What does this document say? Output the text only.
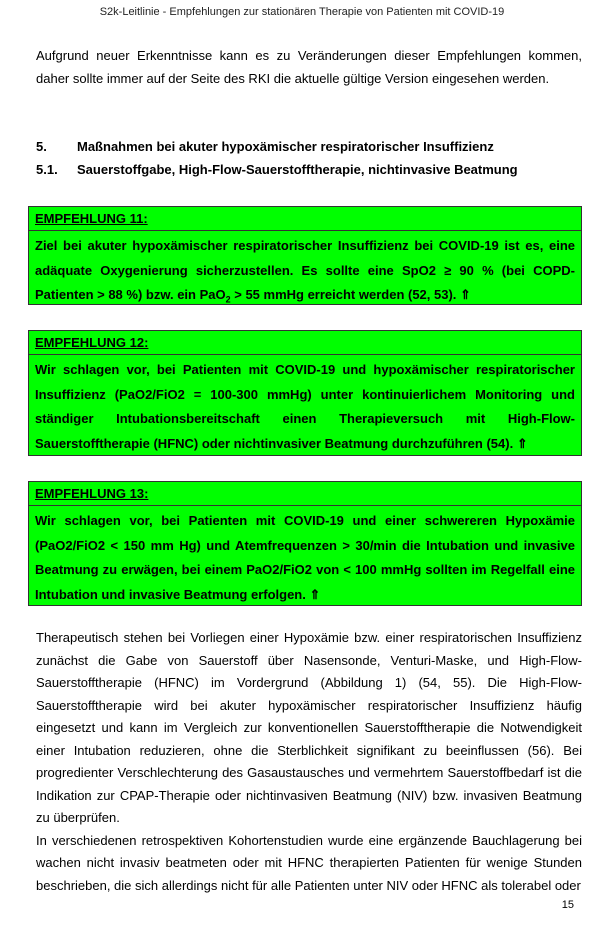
S2k-Leitlinie - Empfehlungen zur stationären Therapie von Patienten mit COVID-19
Aufgrund neuer Erkenntnisse kann es zu Veränderungen dieser Empfehlungen kommen, daher sollte immer auf der Seite des RKI die aktuelle gültige Version eingesehen werden.
5. Maßnahmen bei akuter hypoxämischer respiratorischer Insuffizienz
5.1. Sauerstoffgabe, High-Flow-Sauerstofftherapie, nichtinvasive Beatmung
EMPFEHLUNG 11:
Ziel bei akuter hypoxämischer respiratorischer Insuffizienz bei COVID-19 ist es, eine adäquate Oxygenierung sicherzustellen. Es sollte eine SpO2 ≥ 90 % (bei COPD-Patienten > 88 %) bzw. ein PaO$_2$ > 55 mmHg erreicht werden (52, 53). ⇑
EMPFEHLUNG 12:
Wir schlagen vor, bei Patienten mit COVID-19 und hypoxämischer respiratorischer Insuffizienz (PaO2/FiO2 = 100-300 mmHg) unter kontinuierlichem Monitoring und ständiger Intubationsbereitschaft einen Therapieversuch mit High-Flow-Sauerstofftherapie (HFNC) oder nichtinvasiver Beatmung durchzuführen (54). ⇑
EMPFEHLUNG 13:
Wir schlagen vor, bei Patienten mit COVID-19 und einer schwereren Hypoxämie (PaO2/FiO2 < 150 mm Hg) und Atemfrequenzen > 30/min die Intubation und invasive Beatmung zu erwägen, bei einem PaO2/FiO2 von < 100 mmHg sollten im Regelfall eine Intubation und invasive Beatmung erfolgen. ⇑

Therapeutisch stehen bei Vorliegen einer Hypoxämie bzw. einer respiratorischen Insuffizienz zunächst die Gabe von Sauerstoff über Nasensonde, Venturi-Maske, und High-Flow-Sauerstofftherapie (HFNC) im Vordergrund (Abbildung 1) (54, 55). Die High-Flow-Sauerstofftherapie wird bei akuter hypoxämischer respiratorischer Insuffizienz häufig eingesetzt und kann im Vergleich zur konventionellen Sauerstofftherapie die Notwendigkeit einer Intubation reduzieren, ohne die Sterblichkeit signifikant zu beeinflussen (56). Bei progredienter Verschlechterung des Gasaustausches und vermehrtem Sauerstoffbedarf ist die Indikation zur CPAP-Therapie oder nichtinvasiven Beatmung (NIV) bzw. invasiven Beatmung zu überprüfen.

In verschiedenen retrospektiven Kohortenstudien wurde eine ergänzende Bauchlagerung bei wachen nicht invasiv beatmeten oder mit HFNC therapierten Patienten für wenige Stunden beschrieben, die sich allerdings nicht für alle Patienten unter NIV oder HFNC als tolerabel oder

15
